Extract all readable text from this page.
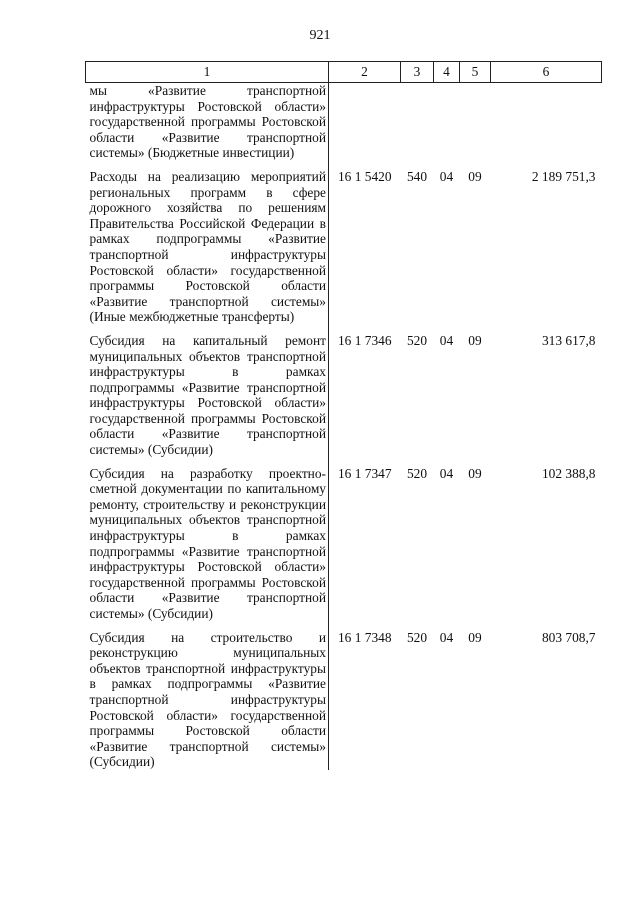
921
1	2	3	4	5	6
мы «Развитие транспортной инфраструктуры Ростовской области» государственной программы Ростовской области «Развитие транспортной системы» (Бюджетные инвестиции)					
Расходы на реализацию мероприятий региональных программ в сфере дорожного хозяйства по решениям Правительства Российской Федерации в рамках подпрограммы «Развитие транспортной инфраструктуры Ростовской области» государственной программы Ростовской области «Развитие транспортной системы» (Иные межбюджетные трансферты)	16 1 5420	540	04	09	2 189 751,3
Субсидия на капитальный ремонт муниципальных объектов транспортной инфраструктуры в рамках подпрограммы «Развитие транспортной инфраструктуры Ростовской области» государственной программы Ростовской области «Развитие транспортной системы» (Субсидии)	16 1 7346	520	04	09	313 617,8
Субсидия на разработку проектно-сметной документации по капитальному ремонту, строительству и реконструкции муниципальных объектов транспортной инфраструктуры в рамках подпрограммы «Развитие транспортной инфраструктуры Ростовской области» государственной программы Ростовской области «Развитие транспортной системы» (Субсидии)	16 1 7347	520	04	09	102 388,8
Субсидия на строительство и реконструкцию муниципальных объектов транспортной инфраструктуры в рамках подпрограммы «Развитие транспортной инфраструктуры Ростовской области» государственной программы Ростовской области «Развитие транспортной системы» (Субсидии)	16 1 7348	520	04	09	803 708,7
